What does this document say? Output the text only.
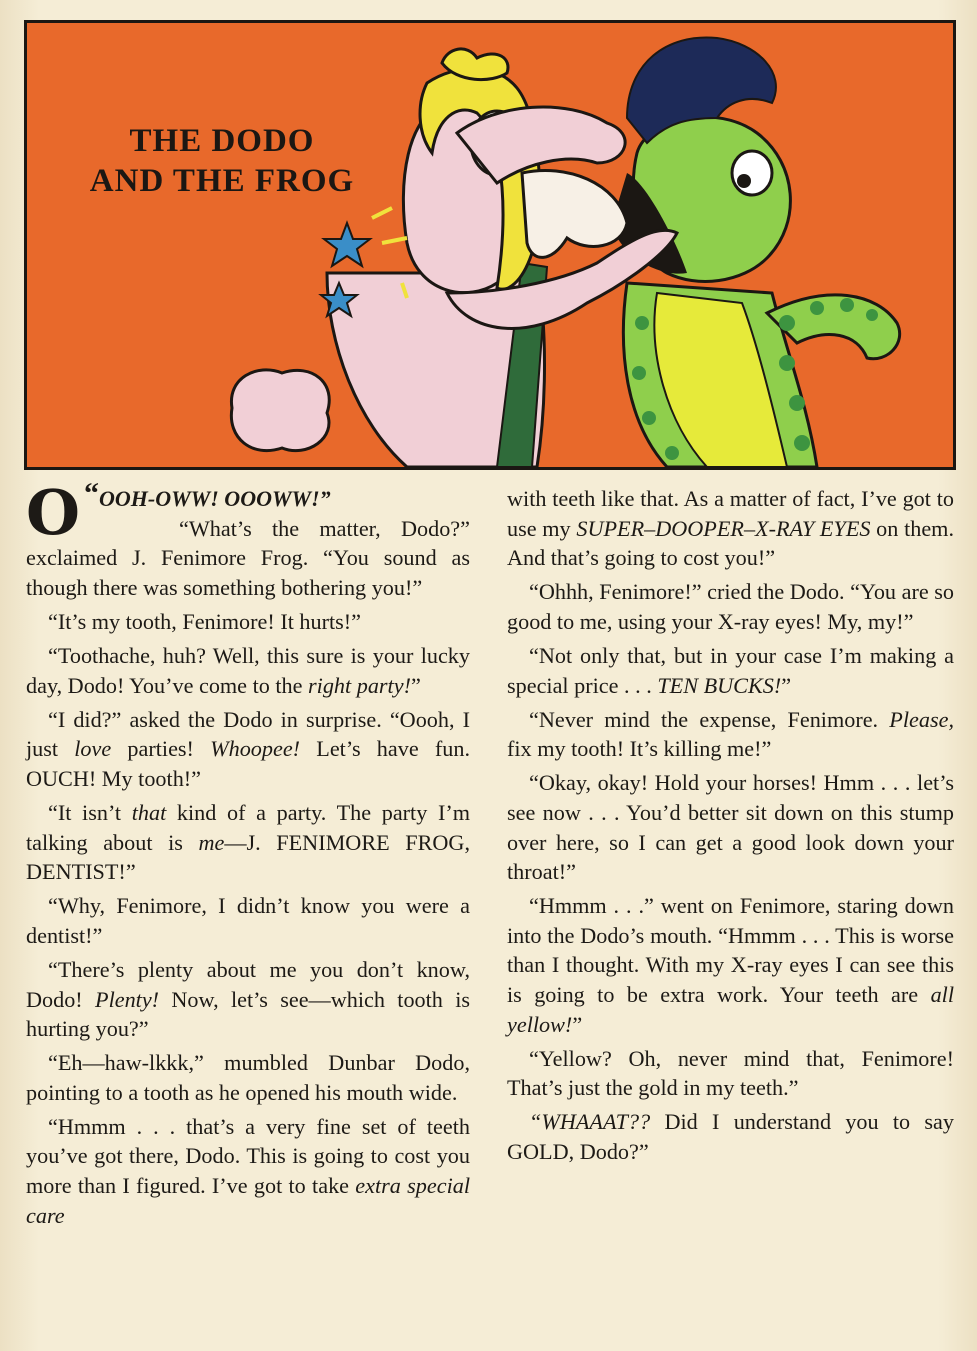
THE DODO
AND THE FROG

“
O OOH-OWW! OOOWW!”
“What’s the matter, Dodo?” exclaimed J. Fenimore Frog. “You sound as though there was something bothering you!”

“It’s my tooth, Fenimore! It hurts!”

“Toothache, huh? Well, this sure is your lucky day, Dodo! You’ve come to the right party!”

“I did?” asked the Dodo in surprise. “Oooh, I just love parties! Whoopee! Let’s have fun. OUCH! My tooth!”

“It isn’t that kind of a party. The party I’m talking about is me—J. FENIMORE FROG, DENTIST!”

“Why, Fenimore, I didn’t know you were a dentist!”

“There’s plenty about me you don’t know, Dodo! Plenty! Now, let’s see—which tooth is hurting you?”

“Eh—haw-lkkk,” mumbled Dunbar Dodo, pointing to a tooth as he opened his mouth wide.

“Hmmm . . . that’s a very fine set of teeth you’ve got there, Dodo. This is going to cost you more than I figured. I’ve got to take extra special care

with teeth like that. As a matter of fact, I’ve got to use my SUPER–DOOPER–X-RAY EYES on them. And that’s going to cost you!”

“Ohhh, Fenimore!” cried the Dodo. “You are so good to me, using your X-ray eyes! My, my!”

“Not only that, but in your case I’m making a special price . . . TEN BUCKS!”

“Never mind the expense, Fenimore. Please, fix my tooth! It’s killing me!”

“Okay, okay! Hold your horses! Hmm . . . let’s see now . . . You’d better sit down on this stump over here, so I can get a good look down your throat!”

“Hmmm . . .” went on Fenimore, staring down into the Dodo’s mouth. “Hmmm . . . This is worse than I thought. With my X-ray eyes I can see this is going to be extra work. Your teeth are all yellow!”

“Yellow? Oh, never mind that, Fenimore! That’s just the gold in my teeth.”

“WHAAAT?? Did I understand you to say GOLD, Dodo?”
